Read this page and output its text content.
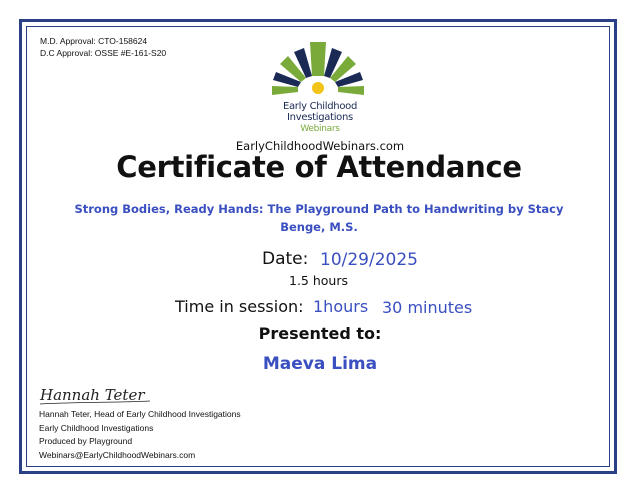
M.D. Approval: CTO-158624
D.C Approval: OSSE #E-161-S20
Early Childhood
Investigations
Webinars
EarlyChildhoodWebinars.com
Certificate of Attendance
Strong Bodies, Ready Hands: The Playground Path to Handwriting by Stacy Benge, M.S.
Date: 10/29/2025
1.5 hours
Time in session: 1hours 30 minutes
Presented to:
Maeva Lima
Hannah Teter
Hannah Teter, Head of Early Childhood Investigations
Early Childhood Investigations
Produced by Playground
Webinars@EarlyChildhoodWebinars.com
